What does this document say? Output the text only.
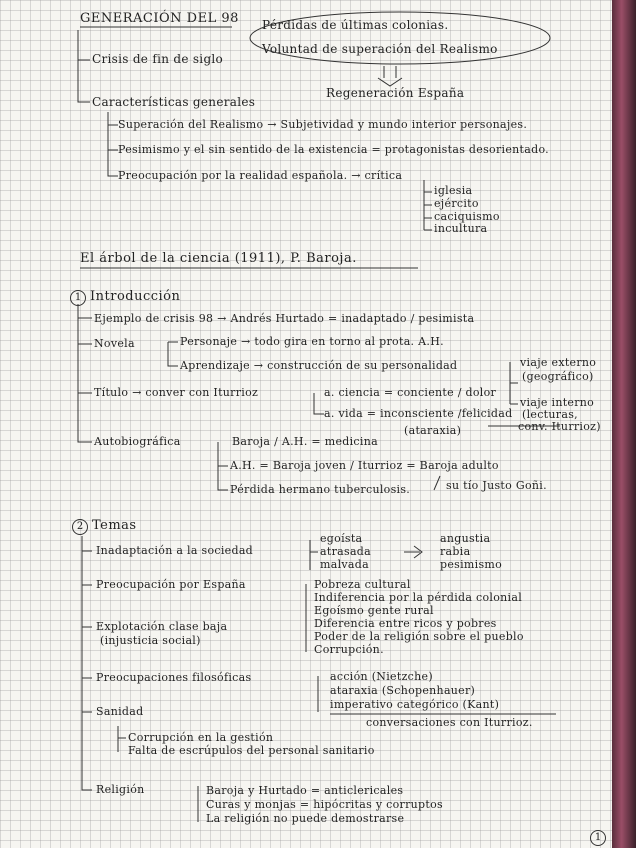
GENERACIÓN DEL 98
Crisis de fin de siglo
Pérdidas de últimas colonias.
Voluntad de superación del Realismo
Regeneración España
Características generales
Superación del Realismo → Subjetividad y mundo interior personajes.
Pesimismo y el sin sentido de la existencia = protagonistas desorientado.
Preocupación por la realidad española. → crítica
iglesia
ejército
caciquismo
incultura
El árbol de la ciencia (1911), P. Baroja.
1 Introducción
Ejemplo de crisis 98 → Andrés Hurtado = inadaptado / pesimista
Novela	Personaje → todo gira en torno al prota. A.H.
Aprendizaje → construcción de su personalidad	viaje externo
(geográfico)
viaje interno
(lecturas,
conv. Iturrioz)
Título → conver con Iturrioz	a. ciencia = conciente / dolor
a. vida = inconsciente /felicidad
(ataraxia)
Autobiográfica	Baroja / A.H. = medicina
A.H. = Baroja joven / Iturrioz = Baroja adulto
Pérdida hermano tuberculosis.	su tío Justo Goñi.
2 Temas
Inadaptación a la sociedad
egoísta
atrasada
malvada
angustia
rabia
pesimismo
Preocupación por España	Pobreza cultural
Indiferencia por la pérdida colonial
Egoísmo gente rural
Diferencia entre ricos y pobres
Poder de la religión sobre el pueblo
Corrupción.
Explotación clase baja
(injusticia social)
Preocupaciones filosóficas	acción (Nietzche)
ataraxia (Schopenhauer)
imperativo categórico (Kant)
conversaciones con Iturrioz.
Sanidad
Corrupción en la gestión
Falta de escrúpulos del personal sanitario
Religión	Baroja y Hurtado = anticlericales
Curas y monjas = hipócritas y corruptos
La religión no puede demostrarse
1
